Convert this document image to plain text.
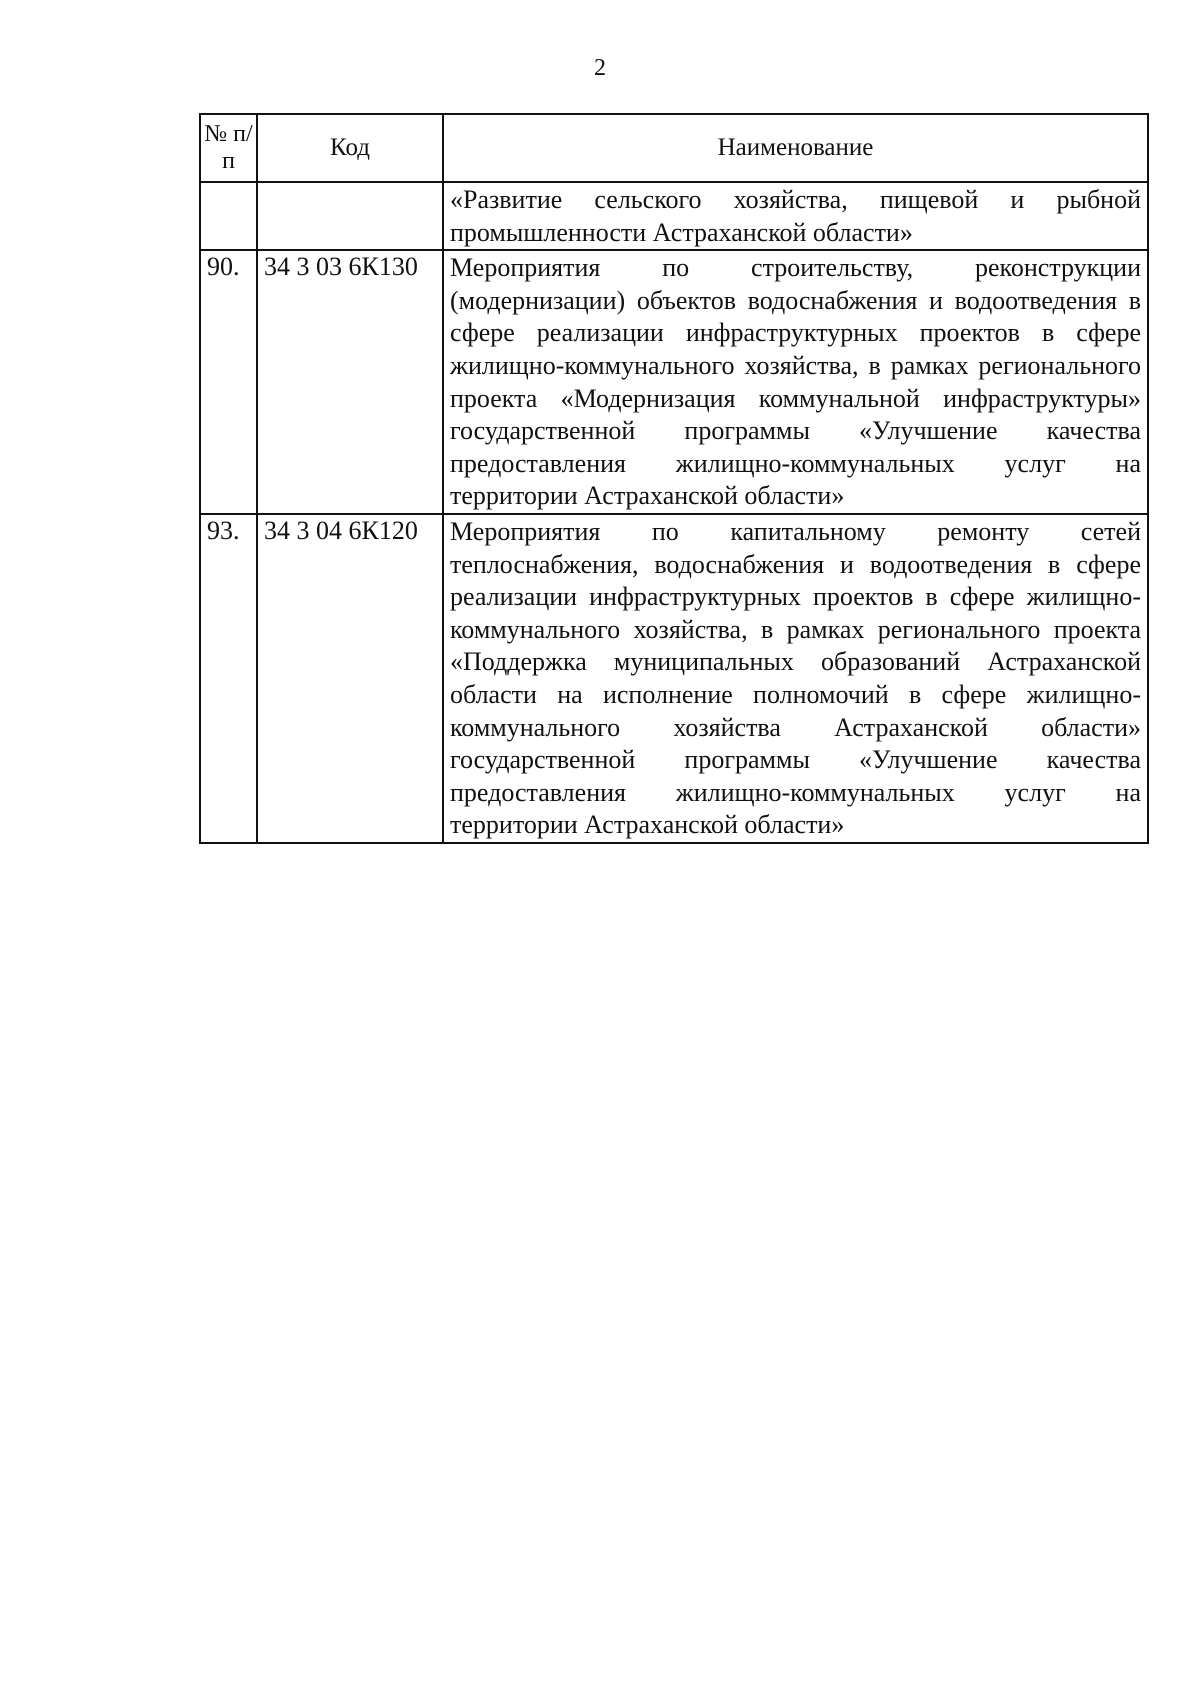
2
№ п/п	Код	Наименование
		«Развитие сельского хозяйства, пищевой и рыбной промышленности Астраханской области»
90.	34 3 03 6К130	Мероприятия по строительству, реконструкции (модернизации) объектов водоснабжения и водоотведения в сфере реализации инфраструктурных проектов в сфере жилищно-коммунального хозяйства, в рамках регионального проекта «Модернизация коммунальной инфраструктуры» государственной программы «Улучшение качества предоставления жилищно-коммунальных услуг на территории Астраханской области»
93.	34 3 04 6К120	Мероприятия по капитальному ремонту сетей теплоснабжения, водоснабжения и водоотведения в сфере реализации инфраструктурных проектов в сфере жилищно-коммунального хозяйства, в рамках регионального проекта «Поддержка муниципальных образований Астраханской области на исполнение полномочий в сфере жилищно-коммунального хозяйства Астраханской области» государственной программы «Улучшение качества предоставления жилищно-коммунальных услуг на территории Астраханской области»
